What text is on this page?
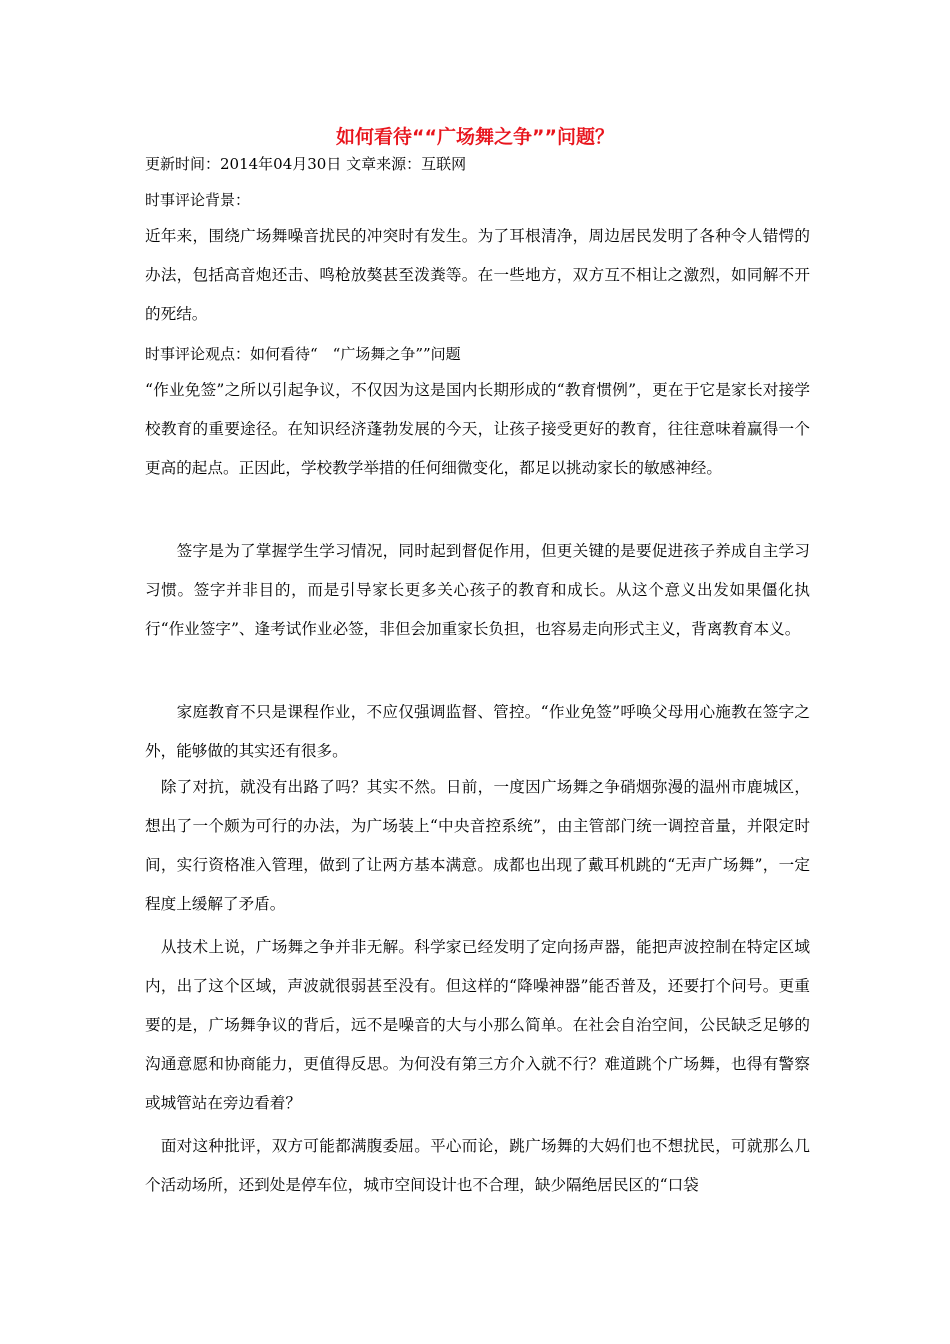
如何看待““广场舞之争””问题？
更新时间：2014年04月30日 文章来源：互联网
时事评论背景：

近年来，围绕广场舞噪音扰民的冲突时有发生。为了耳根清净，周边居民发明了各种令人错愕的办法，包括高音炮还击、鸣枪放獒甚至泼粪等。在一些地方，双方互不相让之激烈，如同解不开的死结。

时事评论观点：如何看待“　“广场舞之争””问题

“作业免签”之所以引起争议，不仅因为这是国内长期形成的“教育惯例”，更在于它是家长对接学校教育的重要途径。在知识经济蓬勃发展的今天，让孩子接受更好的教育，往往意味着赢得一个更高的起点。正因此，学校教学举措的任何细微变化，都足以挑动家长的敏感神经。

　　签字是为了掌握学生学习情况，同时起到督促作用，但更关键的是要促进孩子养成自主学习习惯。签字并非目的，而是引导家长更多关心孩子的教育和成长。从这个意义出发如果僵化执行“作业签字”、逢考试作业必签，非但会加重家长负担，也容易走向形式主义，背离教育本义。

　　家庭教育不只是课程作业，不应仅强调监督、管控。“作业免签”呼唤父母用心施教在签字之外，能够做的其实还有很多。

　除了对抗，就没有出路了吗？其实不然。日前，一度因广场舞之争硝烟弥漫的温州市鹿城区，想出了一个颇为可行的办法，为广场装上“中央音控系统”，由主管部门统一调控音量，并限定时间，实行资格准入管理，做到了让两方基本满意。成都也出现了戴耳机跳的“无声广场舞”，一定程度上缓解了矛盾。

　从技术上说，广场舞之争并非无解。科学家已经发明了定向扬声器，能把声波控制在特定区域内，出了这个区域，声波就很弱甚至没有。但这样的“降噪神器”能否普及，还要打个问号。更重要的是，广场舞争议的背后，远不是噪音的大与小那么简单。在社会自治空间，公民缺乏足够的沟通意愿和协商能力，更值得反思。为何没有第三方介入就不行？难道跳个广场舞，也得有警察或城管站在旁边看着？

　面对这种批评，双方可能都满腹委屈。平心而论，跳广场舞的大妈们也不想扰民，可就那么几个活动场所，还到处是停车位，城市空间设计也不合理，缺少隔绝居民区的“口袋
